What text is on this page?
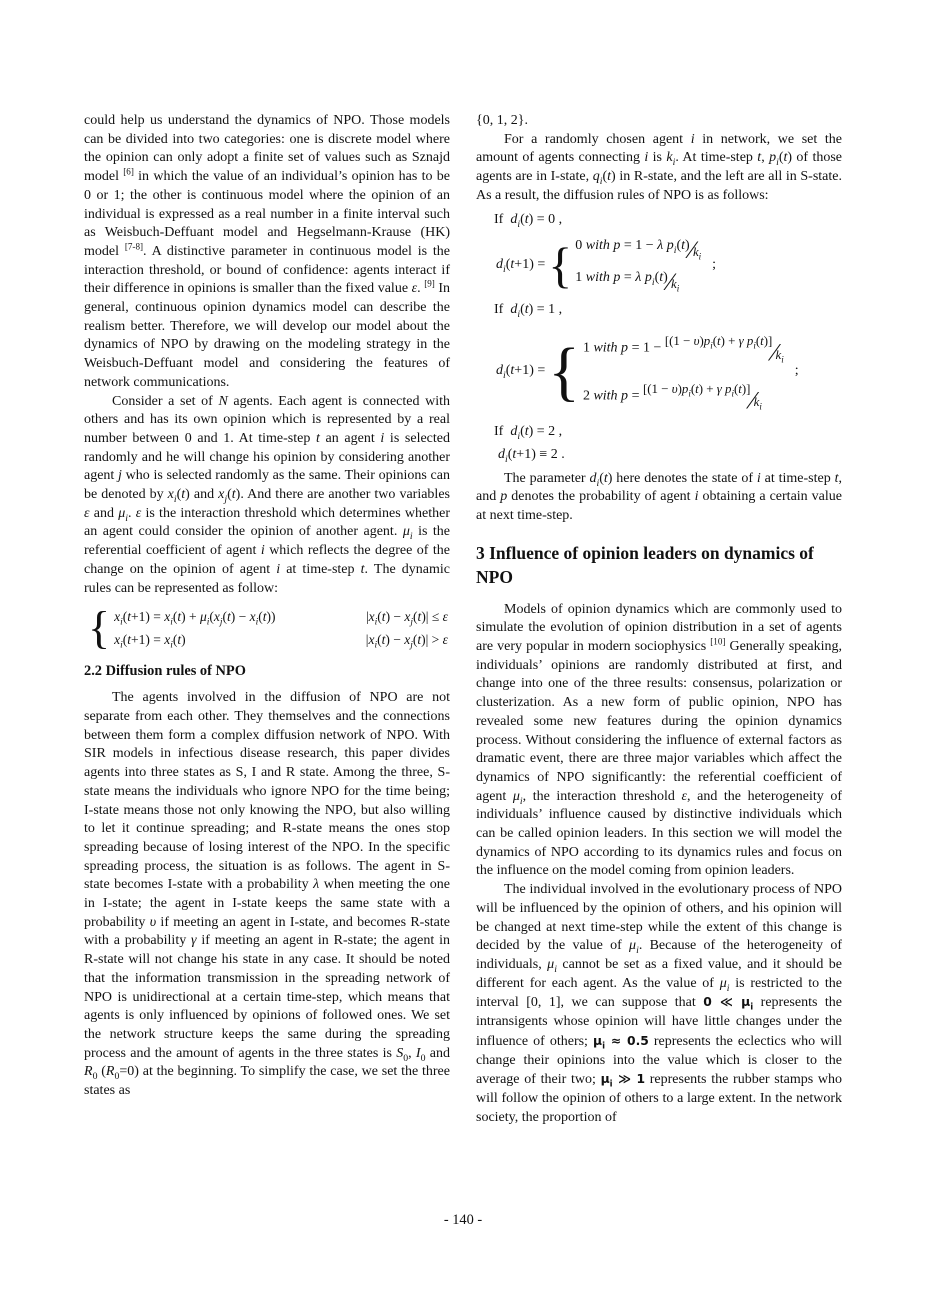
could help us understand the dynamics of NPO. Those models can be divided into two categories: one is discrete model where the opinion can only adopt a finite set of values such as Sznajd model [6] in which the value of an individual’s opinion has to be 0 or 1; the other is continuous model where the opinion of an individual is expressed as a real number in a finite interval such as Weisbuch-Deffuant model and Hegselmann-Krause (HK) model [7-8]. A distinctive parameter in continuous model is the interaction threshold, or bound of confidence: agents interact if their difference in opinions is smaller than the fixed value ε. [9] In general, continuous opinion dynamics model can describe the realism better. Therefore, we will develop our model about the dynamics of NPO by drawing on the modeling strategy in the Weisbuch-Deffuant model and considering the features of network communications.

Consider a set of N agents. Each agent is connected with others and has its own opinion which is represented by a real number between 0 and 1. At time-step t an agent i is selected randomly and he will change his opinion by considering another agent j who is selected randomly as the same. Their opinions can be denoted by $x_i(t)$ and $x_j(t)$. And there are another two variables ε and $\mu_i$. ε is the interaction threshold which determines whether an agent could consider the opinion of another agent. $\mu_i$ is the referential coefficient of agent i which reflects the degree of the change on the opinion of agent i at time-step t. The dynamic rules can be represented as follow:

{ $x_i(t+1) = x_i(t) + \mu_i(x_j(t) - x_i(t))$	$|x_i(t) - x_j(t)| \le \varepsilon$
$x_i(t+1) = x_i(t)$	$|x_i(t) - x_j(t)| > \varepsilon$
2.2 Diffusion rules of NPO

The agents involved in the diffusion of NPO are not separate from each other. They themselves and the connections between them form a complex diffusion network of NPO. With SIR models in infectious disease research, this paper divides agents into three states as S, I and R state. Among the three, S-state means the individuals who ignore NPO for the time being; I-state means those not only knowing the NPO, but also willing to let it continue spreading; and R-state means the ones stop spreading because of losing interest of the NPO. In the specific spreading process, the situation is as follows. The agent in S-state becomes I-state with a probability λ when meeting the one in I-state; the agent in I-state keeps the same state with a probability υ if meeting an agent in I-state, and becomes R-state with a probability γ if meeting an agent in R-state; the agent in R-state will not change his state in any case. It should be noted that the information transmission in the spreading network of NPO is unidirectional at a certain time-step, which means that agents is only influenced by opinions of followed ones. We set the network structure keeps the same during the spreading process and the amount of agents in the three states is $S_0$, $I_0$ and $R_0$ $(R_0=0)$ at the beginning. To simplify the case, we set the three states as

{0, 1, 2}.

For a randomly chosen agent i in network, we set the amount of agents connecting i is $k_i$. At time-step t, $p_i(t)$ of those agents are in I-state, $q_i(t)$ in R-state, and the left are all in S-state. As a result, the diffusion rules of NPO is as follows:

If  $d_i(t) = 0$ ,
$d_i(t+1)$ = { 0 with p = 1 − λ $p_i(t)∕k_i$
1 with p = λ $p_i(t)∕k_i$
;
If  $d_i(t) = 1$ ,
$d_i(t+1)$ = { 1 with $p = 1 - [(1 - \upsilon)p_i(t) + \gamma$ $p_i(t)]∕k_i$
2 with $p = [(1 - \upsilon)p_i(t) + \gamma$ $p_i(t)]∕k_i$
;
If  $d_i(t) = 2$ ,
$d_i(t+1) \equiv 2$ .

The parameter $d_i(t)$ here denotes the state of i at time-step t, and p denotes the probability of agent i obtaining a certain value at next time-step.

3 Influence of opinion leaders on dynamics of NPO

Models of opinion dynamics which are commonly used to simulate the evolution of opinion distribution in a set of agents are very popular in modern sociophysics [10] Generally speaking, individuals’ opinions are randomly distributed at first, and change into one of the three results: consensus, polarization or clusterization. As a new form of public opinion, NPO has revealed some new features during the opinion dynamics process. Without considering the influence of external factors as dramatic event, there are three major variables which affect the dynamics of NPO significantly: the referential coefficient of agent $\mu_i$, the interaction threshold ε, and the heterogeneity of individuals’ influence caused by distinctive individuals which can be called opinion leaders. In this section we will model the dynamics of NPO according to its dynamics rules and focus on the influence on the model coming from opinion leaders.

The individual involved in the evolutionary process of NPO will be influenced by the opinion of others, and his opinion will be changed at next time-step while the extent of this change is decided by the value of $\mu_i$. Because of the heterogeneity of individuals, $\mu_i$ cannot be set as a fixed value, and it should be different for each agent. As the value of $\mu_i$ is restricted to the interval [0, 1], we can suppose that 0 ≪ $\mu_i$ represents the intransigents whose opinion will have little changes under the influence of others; $\mu_i \approx 0.5$ represents the eclectics who will change their opinions into the value which is closer to the average of their two; $\mu_i$ ≫ 1 represents the rubber stamps who will follow the opinion of others to a large extent. In the network society, the proportion of

- 140 -
